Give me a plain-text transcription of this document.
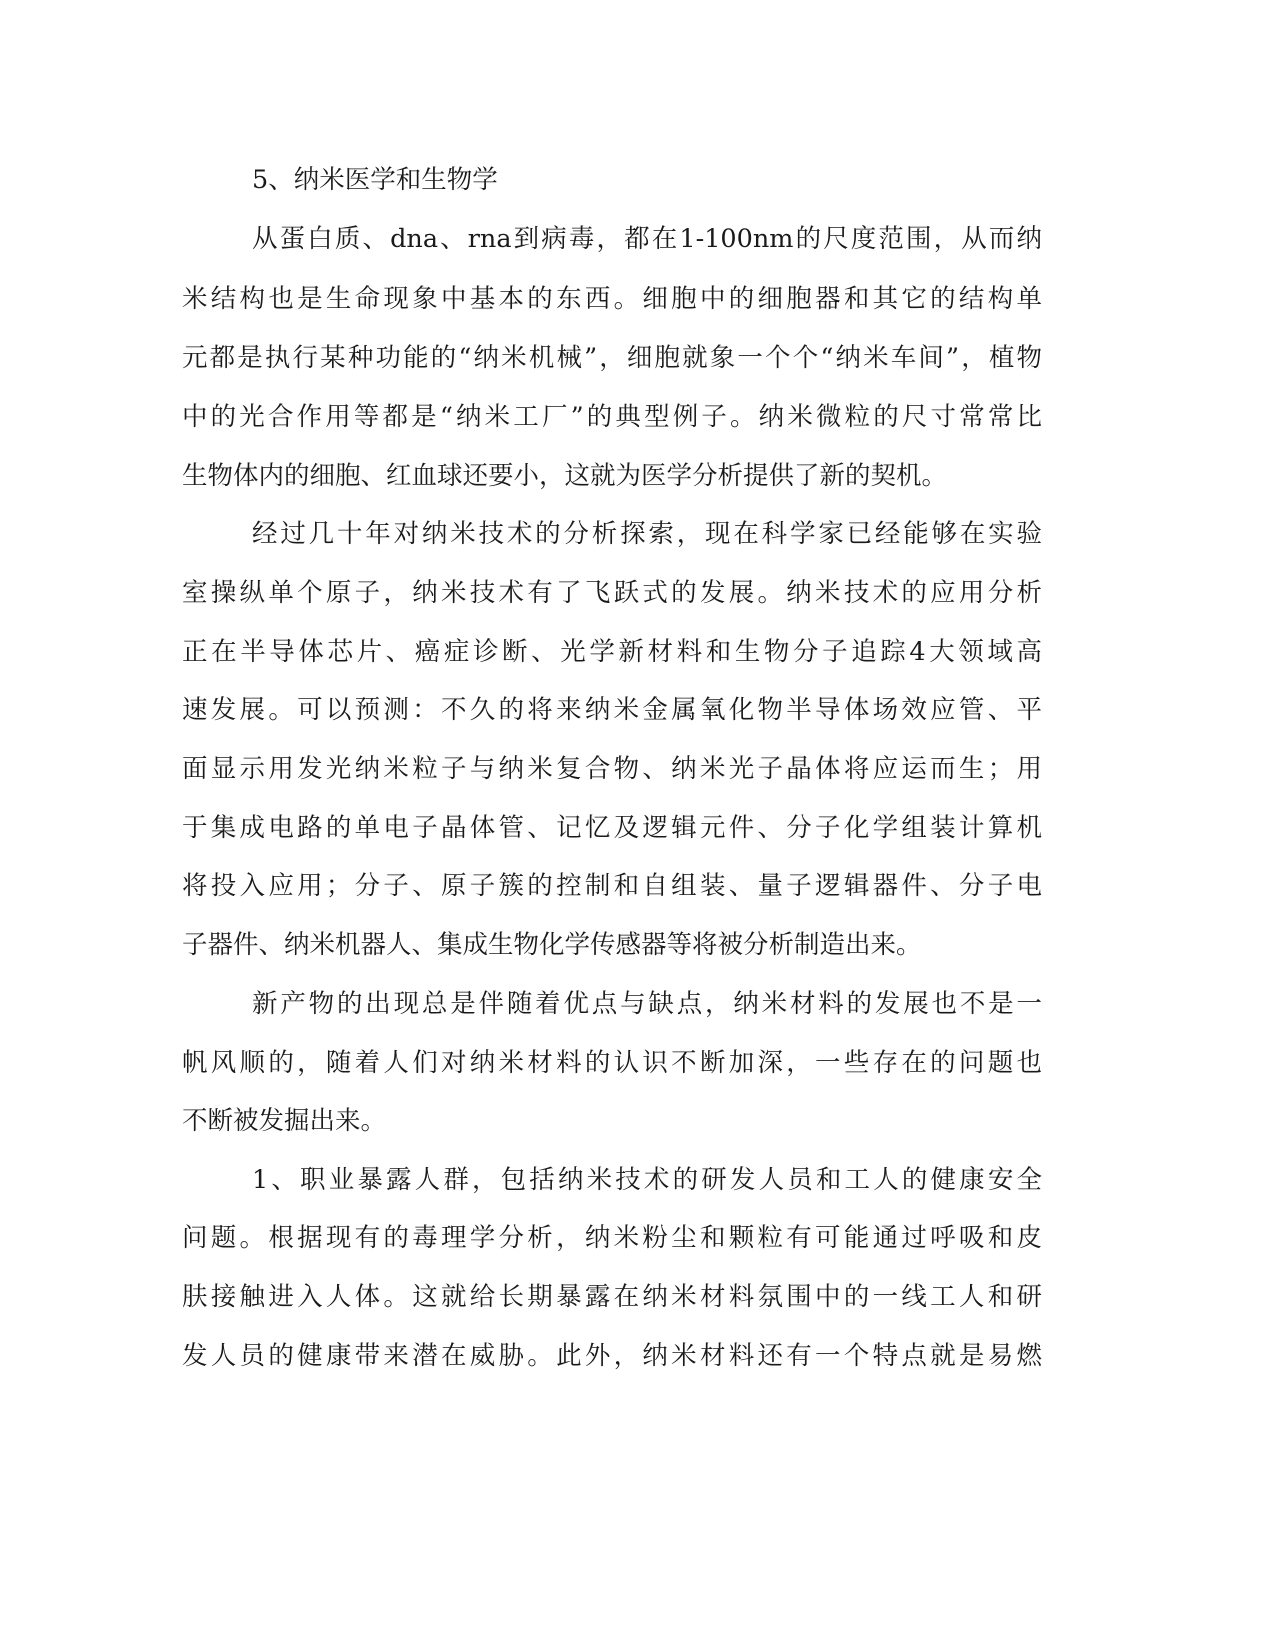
5、纳米医学和生物学
从蛋白质、dna、rna到病毒，都在1-100nm的尺度范围，从而纳
米结构也是生命现象中基本的东西。细胞中的细胞器和其它的结构单
元都是执行某种功能的“纳米机械”，细胞就象一个个“纳米车间”，植物
中的光合作用等都是“纳米工厂”的典型例子。纳米微粒的尺寸常常比
生物体内的细胞、红血球还要小，这就为医学分析提供了新的契机。
经过几十年对纳米技术的分析探索，现在科学家已经能够在实验
室操纵单个原子，纳米技术有了飞跃式的发展。纳米技术的应用分析
正在半导体芯片、癌症诊断、光学新材料和生物分子追踪4大领域高
速发展。可以预测：不久的将来纳米金属氧化物半导体场效应管、平
面显示用发光纳米粒子与纳米复合物、纳米光子晶体将应运而生；用
于集成电路的单电子晶体管、记忆及逻辑元件、分子化学组装计算机
将投入应用；分子、原子簇的控制和自组装、量子逻辑器件、分子电
子器件、纳米机器人、集成生物化学传感器等将被分析制造出来。
新产物的出现总是伴随着优点与缺点，纳米材料的发展也不是一
帆风顺的，随着人们对纳米材料的认识不断加深，一些存在的问题也
不断被发掘出来。
1、职业暴露人群，包括纳米技术的研发人员和工人的健康安全
问题。根据现有的毒理学分析，纳米粉尘和颗粒有可能通过呼吸和皮
肤接触进入人体。这就给长期暴露在纳米材料氛围中的一线工人和研
发人员的健康带来潜在威胁。此外，纳米材料还有一个特点就是易燃
